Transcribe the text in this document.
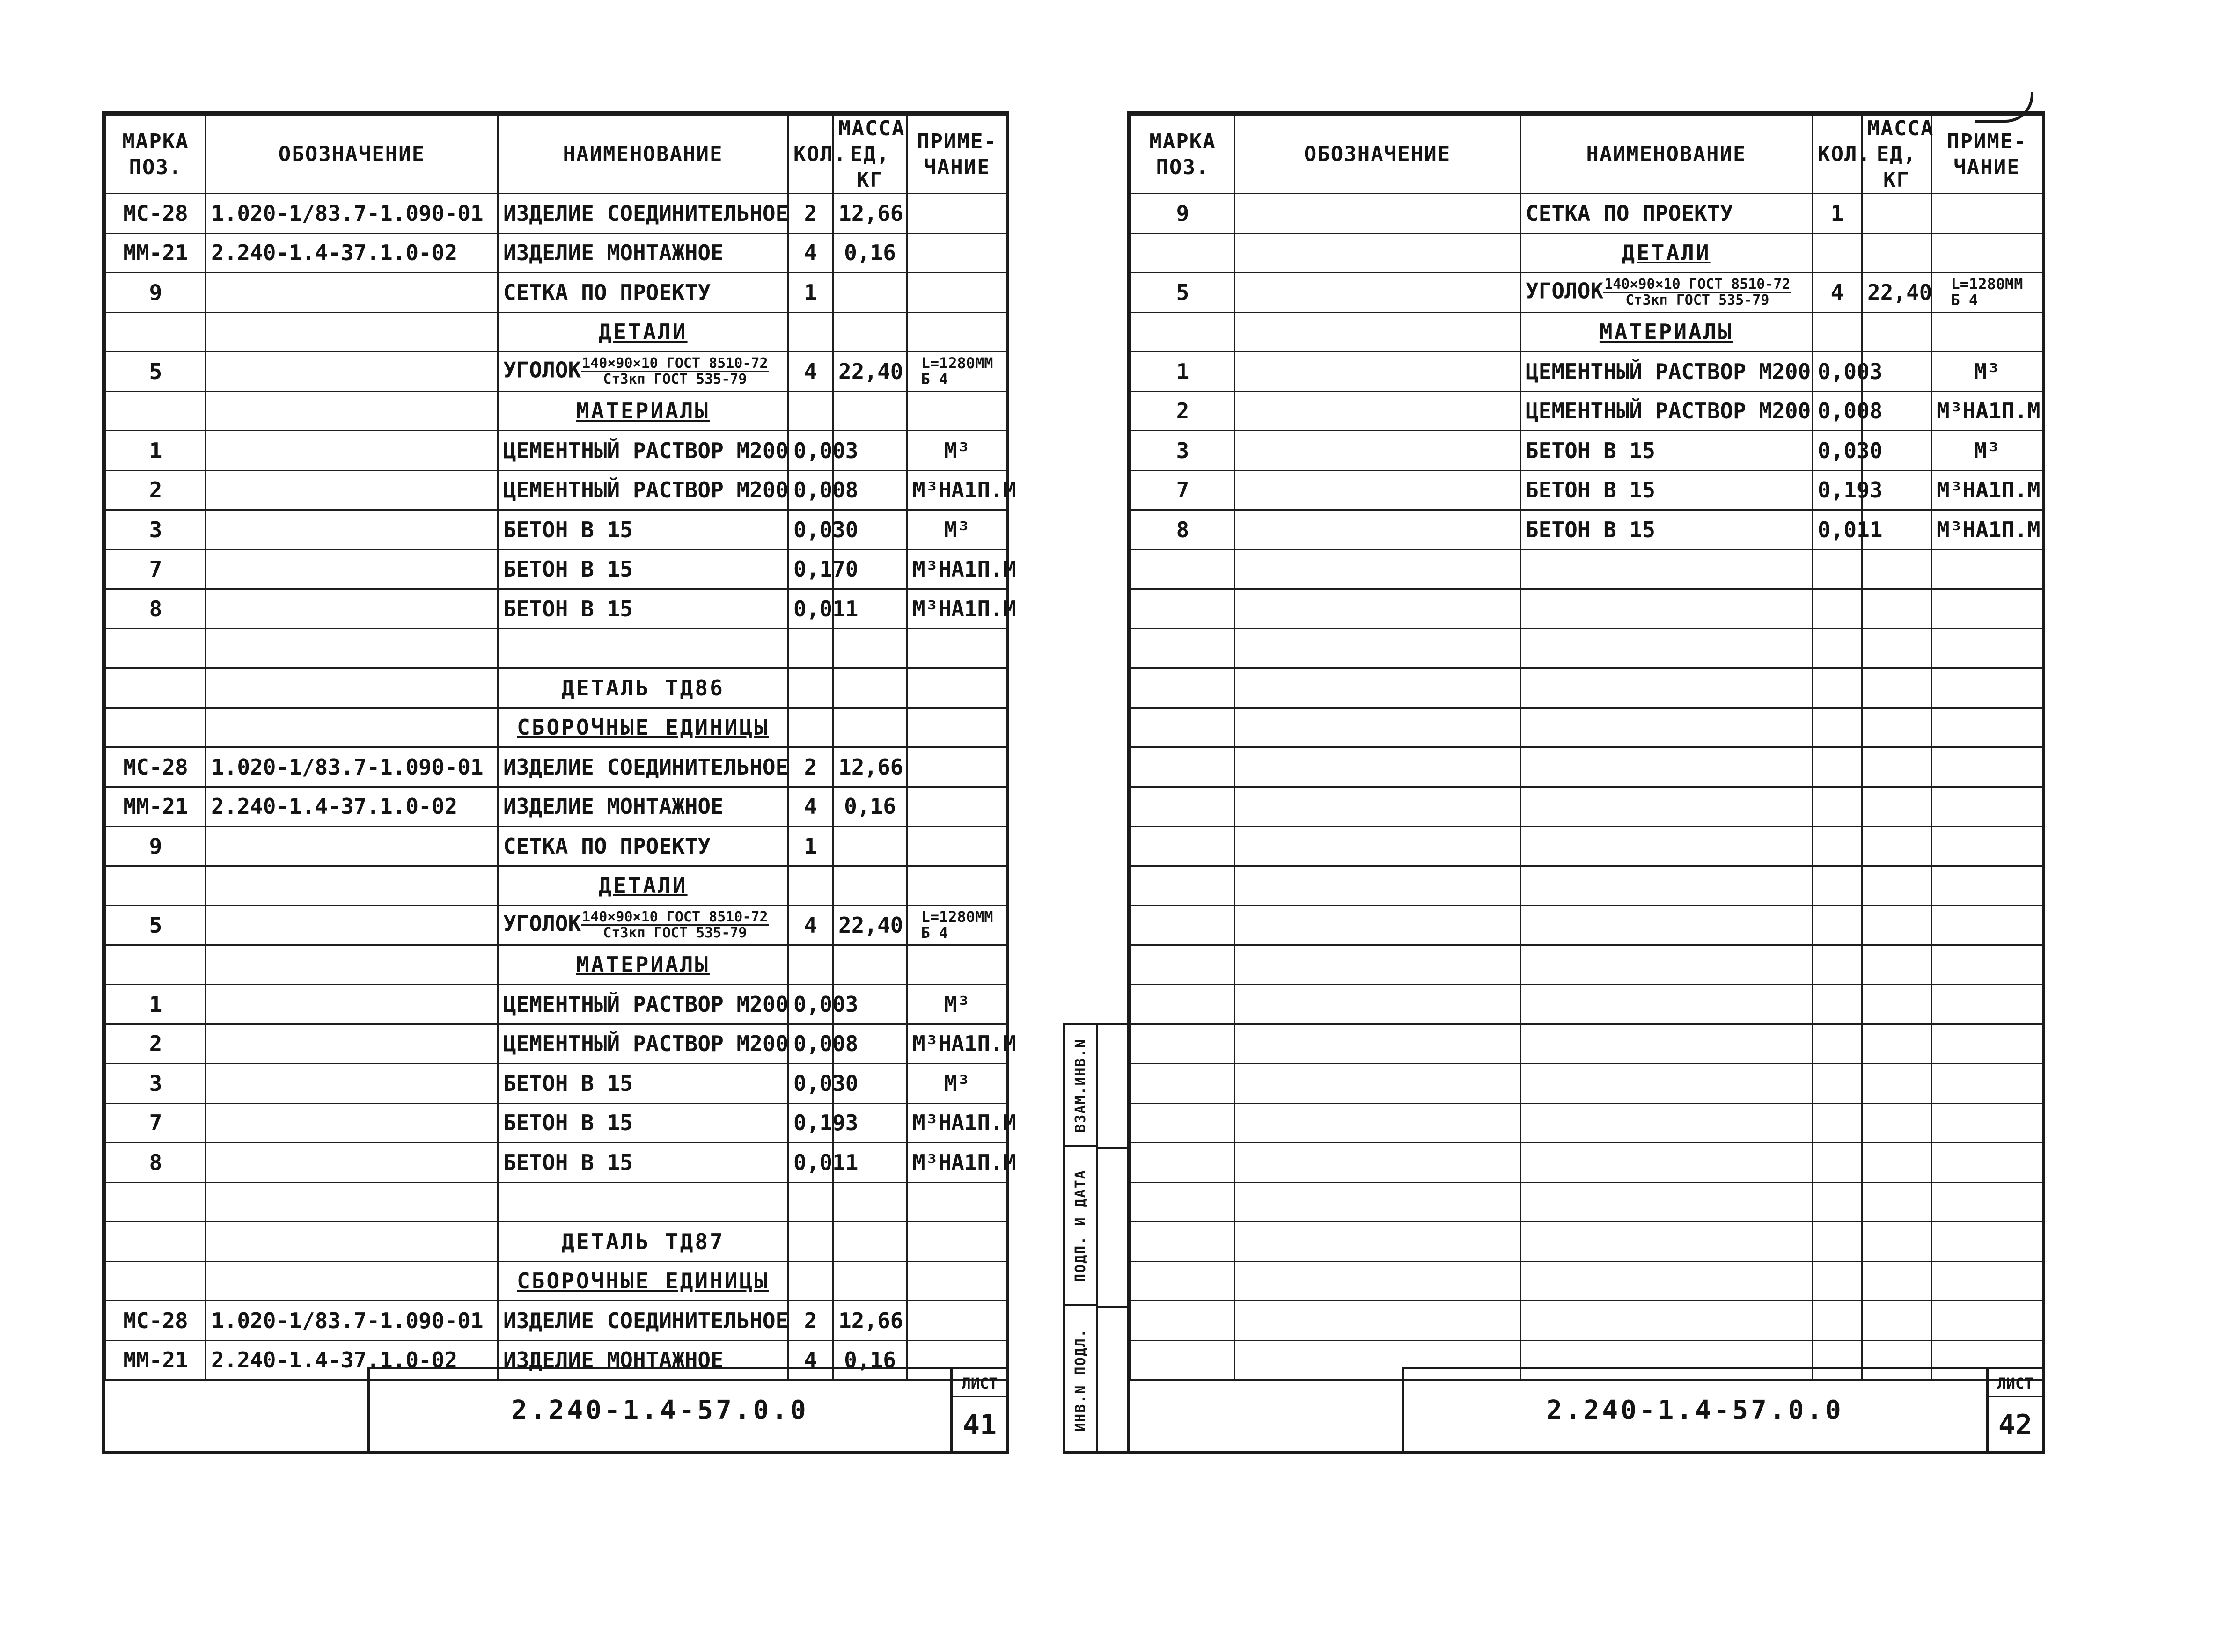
МАРКА ПОЗ.	ОБОЗНАЧЕНИЕ	НАИМЕНОВАНИЕ	КОЛ.	МАССА ЕД, КГ	ПРИМЕ- ЧАНИЕ
МС-28	1.020-1/83.7-1.090-01	ИЗДЕЛИЕ СОЕДИНИТЕЛЬНОЕ	2	12,66	
ММ-21	2.240-1.4-37.1.0-02	ИЗДЕЛИЕ МОНТАЖНОЕ	4	0,16	
9		СЕТКА ПО ПРОЕКТУ	1		
		ДЕТАЛИ			
5		УГОЛОК $\frac{\text{140×90×10 ГОСТ 8510-72}}{\text{Ст3кп ГОСТ 535-79}}$	4	22,40	L=1280ММ
Б 4

		МАТЕРИАЛЫ			
1		ЦЕМЕНТНЫЙ РАСТВОР М200	0,003		М³
2		ЦЕМЕНТНЫЙ РАСТВОР М200	0,008		М³НА1П.М
3		БЕТОН В 15	0,030		М³
7		БЕТОН В 15	0,170		М³НА1П.М
8		БЕТОН В 15	0,011		М³НА1П.М

		ДЕТАЛЬ ТД86			
		СБОРОЧНЫЕ ЕДИНИЦЫ			
МС-28	1.020-1/83.7-1.090-01	ИЗДЕЛИЕ СОЕДИНИТЕЛЬНОЕ	2	12,66	
ММ-21	2.240-1.4-37.1.0-02	ИЗДЕЛИЕ МОНТАЖНОЕ	4	0,16	
9		СЕТКА ПО ПРОЕКТУ	1		
		ДЕТАЛИ			
5		УГОЛОК $\frac{\text{140×90×10 ГОСТ 8510-72}}{\text{Ст3кп ГОСТ 535-79}}$	4	22,40	L=1280ММ
Б 4

		МАТЕРИАЛЫ			
1		ЦЕМЕНТНЫЙ РАСТВОР М200	0,003		М³
2		ЦЕМЕНТНЫЙ РАСТВОР М200	0,008		М³НА1П.М
3		БЕТОН В 15	0,030		М³
7		БЕТОН В 15	0,193		М³НА1П.М
8		БЕТОН В 15	0,011		М³НА1П.М

		ДЕТАЛЬ ТД87			
		СБОРОЧНЫЕ ЕДИНИЦЫ			
МС-28	1.020-1/83.7-1.090-01	ИЗДЕЛИЕ СОЕДИНИТЕЛЬНОЕ	2	12,66	
ММ-21	2.240-1.4-37.1.0-02	ИЗДЕЛИЕ МОНТАЖНОЕ	4	0,16	
2.240-1.4-57.0.0
ЛИСТ
41
ВЗАМ.ИНВ.N
ПОДП. И ДАТА
ИНВ.N ПОДЛ.
МАРКА ПОЗ.	ОБОЗНАЧЕНИЕ	НАИМЕНОВАНИЕ	КОЛ.	МАССА ЕД, КГ	ПРИМЕ- ЧАНИЕ
9		СЕТКА ПО ПРОЕКТУ	1		
		ДЕТАЛИ			
5		УГОЛОК $\frac{\text{140×90×10 ГОСТ 8510-72}}{\text{Ст3кп ГОСТ 535-79}}$	4	22,40	L=1280ММ
Б 4

		МАТЕРИАЛЫ			
1		ЦЕМЕНТНЫЙ РАСТВОР М200	0,003		М³
2		ЦЕМЕНТНЫЙ РАСТВОР М200	0,008		М³НА1П.М
3		БЕТОН В 15	0,030		М³
7		БЕТОН В 15	0,193		М³НА1П.М
8		БЕТОН В 15	0,011		М³НА1П.М

2.240-1.4-57.0.0
ЛИСТ
42
